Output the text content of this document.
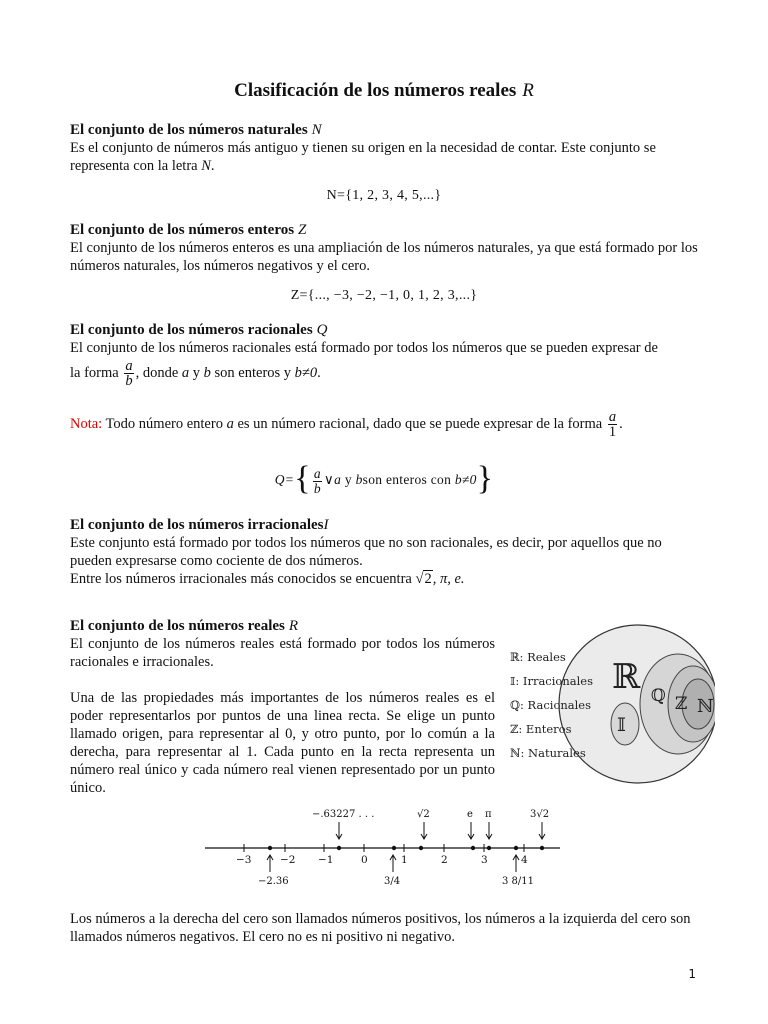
Clasificación de los números reales R
El conjunto de los números naturales N
Es el conjunto de números más antiguo y tienen su origen en la necesidad de contar. Este conjunto se representa con la letra N.
N={1, 2, 3, 4, 5,...}
El conjunto de los números enteros Z
El conjunto de los números enteros es una ampliación de los números naturales, ya que está formado por los números naturales, los números negativos y el cero.
Z={..., −3, −2, −1, 0, 1, 2, 3,...}
El conjunto de los números racionales Q
El conjunto de los números racionales está formado por todos los números que se pueden expresar de
la forma $\frac{a}{b}$ , donde a y b son enteros y b≠0.
Nota: Todo número entero a es un número racional, dado que se puede expresar de la forma $\frac{a}{1}$ .
$Q=\{ \frac{a}{b}$ ∨a y bson enteros con b≠0}
El conjunto de los números irracionalesI
Este conjunto está formado por todos los números que no son racionales, es decir, por aquellos que no pueden expresarse como cociente de dos números.
Entre los números irracionales más conocidos se encuentra √2, π, e.
El conjunto de los números reales R
El conjunto de los números reales está formado por todos los números racionales e irracionales.
Una de las propiedades más importantes de los números reales es el poder representarlos por puntos de una linea recta. Se elige un punto llamado origen, para representar al 0, y otro punto, por lo común a la derecha, para representar al 1. Cada punto en la recta representa un número real único y cada número real vienen representado por un punto único.
ℝ ℚ ℤ ℕ
𝕀
ℝ: Reales
𝕀: Irracionales
ℚ: Racionales
ℤ: Enteros
ℕ: Naturales
−3	−2 −1	0	1	2	3	4
−.63227 . . .	√2	e π	3√2
−2.36	3/4	3 8/11
Los números a la derecha del cero son llamados números positivos, los números a la izquierda del cero son llamados números negativos. El cero no es ni positivo ni negativo.
1
